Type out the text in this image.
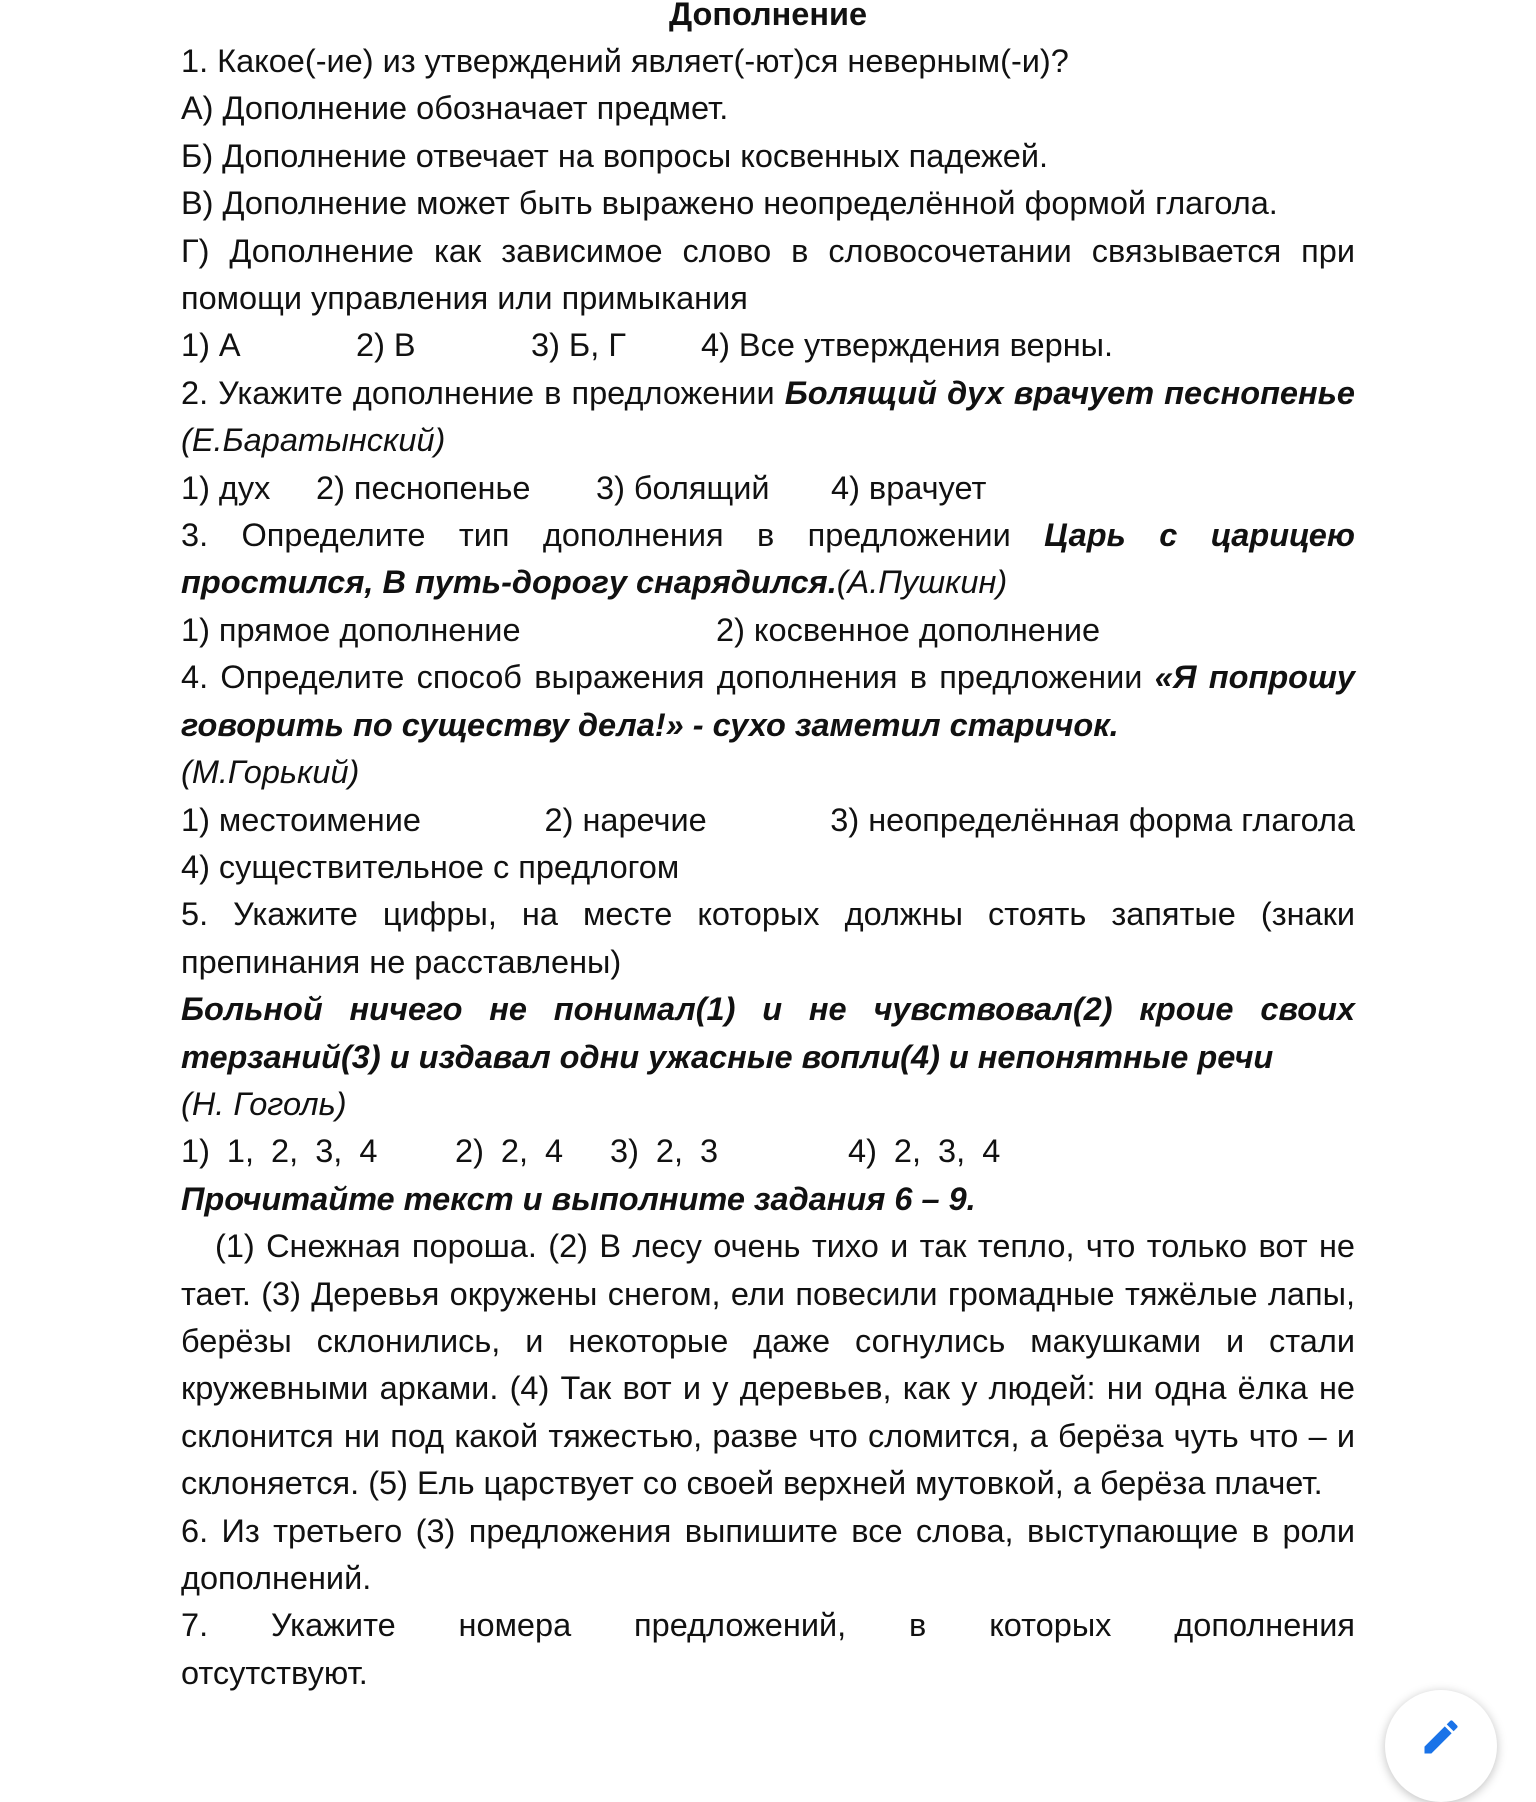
Дополнение

1. Какое(-ие) из утверждений являет(-ют)ся неверным(-и)?

А) Дополнение обозначает предмет.

Б) Дополнение отвечает на вопросы косвенных падежей.

В) Дополнение может быть выражено неопределённой формой глагола.

Г) Дополнение как зависимое слово в словосочетании связывается при помощи управления или примыкания

1) А	2) В	3) Б, Г	4) Все утверждения верны.

2. Укажите дополнение в предложении Болящий дух врачует песнопенье (Е.Баратынский)

1) дух	2) песнопенье	3) болящий	4) врачует

3. Определите тип дополнения в предложении Царь с царицею простился, В путь-дорогу снарядился.(А.Пушкин)

1) прямое дополнение	2) косвенное дополнение

4. Определите способ выражения дополнения в предложении «Я попрошу говорить по существу дела!» - сухо заметил старичок.

(М.Горький)

1) местоимение	2) наречие	3) неопределённая форма глагола

4) существительное с предлогом

5. Укажите цифры, на месте которых должны стоять запятые (знаки препинания не расставлены)

Больной ничего не понимал(1) и не чувствовал(2) кроие своих терзаний(3) и издавал одни ужасные вопли(4) и непонятные речи

(Н. Гоголь)

1) 1, 2, 3, 4	2) 2, 4	3) 2, 3	4) 2, 3, 4

Прочитайте текст и выполните задания 6 – 9.

(1) Снежная пороша. (2) В лесу очень тихо и так тепло, что только вот не тает. (3) Деревья окружены снегом, ели повесили громадные тяжёлые лапы, берёзы склонились, и некоторые даже согнулись макушками и стали кружевными арками. (4) Так вот и у деревьев, как у людей: ни одна ёлка не склонится ни под какой тяжестью, разве что сломится, а берёза чуть что – и склоняется. (5) Ель царствует со своей верхней мутовкой, а берёза плачет.

6. Из третьего (3) предложения выпишите все слова, выступающие в роли дополнений.

7. Укажите номера предложений, в которых дополнения отсутствуют.
